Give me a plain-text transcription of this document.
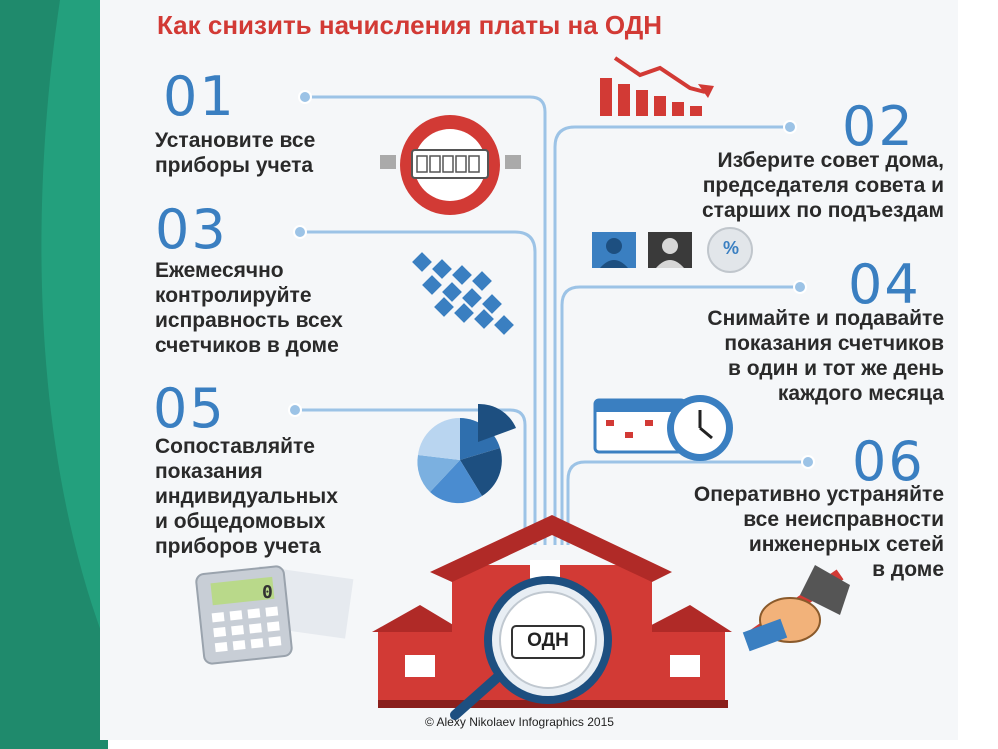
Как снизить начисления платы на ОДН
01	02
03
04
05
06
Установите все
приборы учета	Изберите совет дома,
председателя совета и
старших по подъездам
Ежемесячно
контролируйте
исправность всех
счетчиков в доме
Снимайте и подавайте
показания счетчиков
в один и тот же день
каждого месяца
Сопоставляйте
показания
индивидуальных
и общедомовых
приборов учета
Оперативно устраняйте
все неисправности
инженерных сетей
в доме
%
0
ОДН
© Alexy Nikolaev Infographics 2015
